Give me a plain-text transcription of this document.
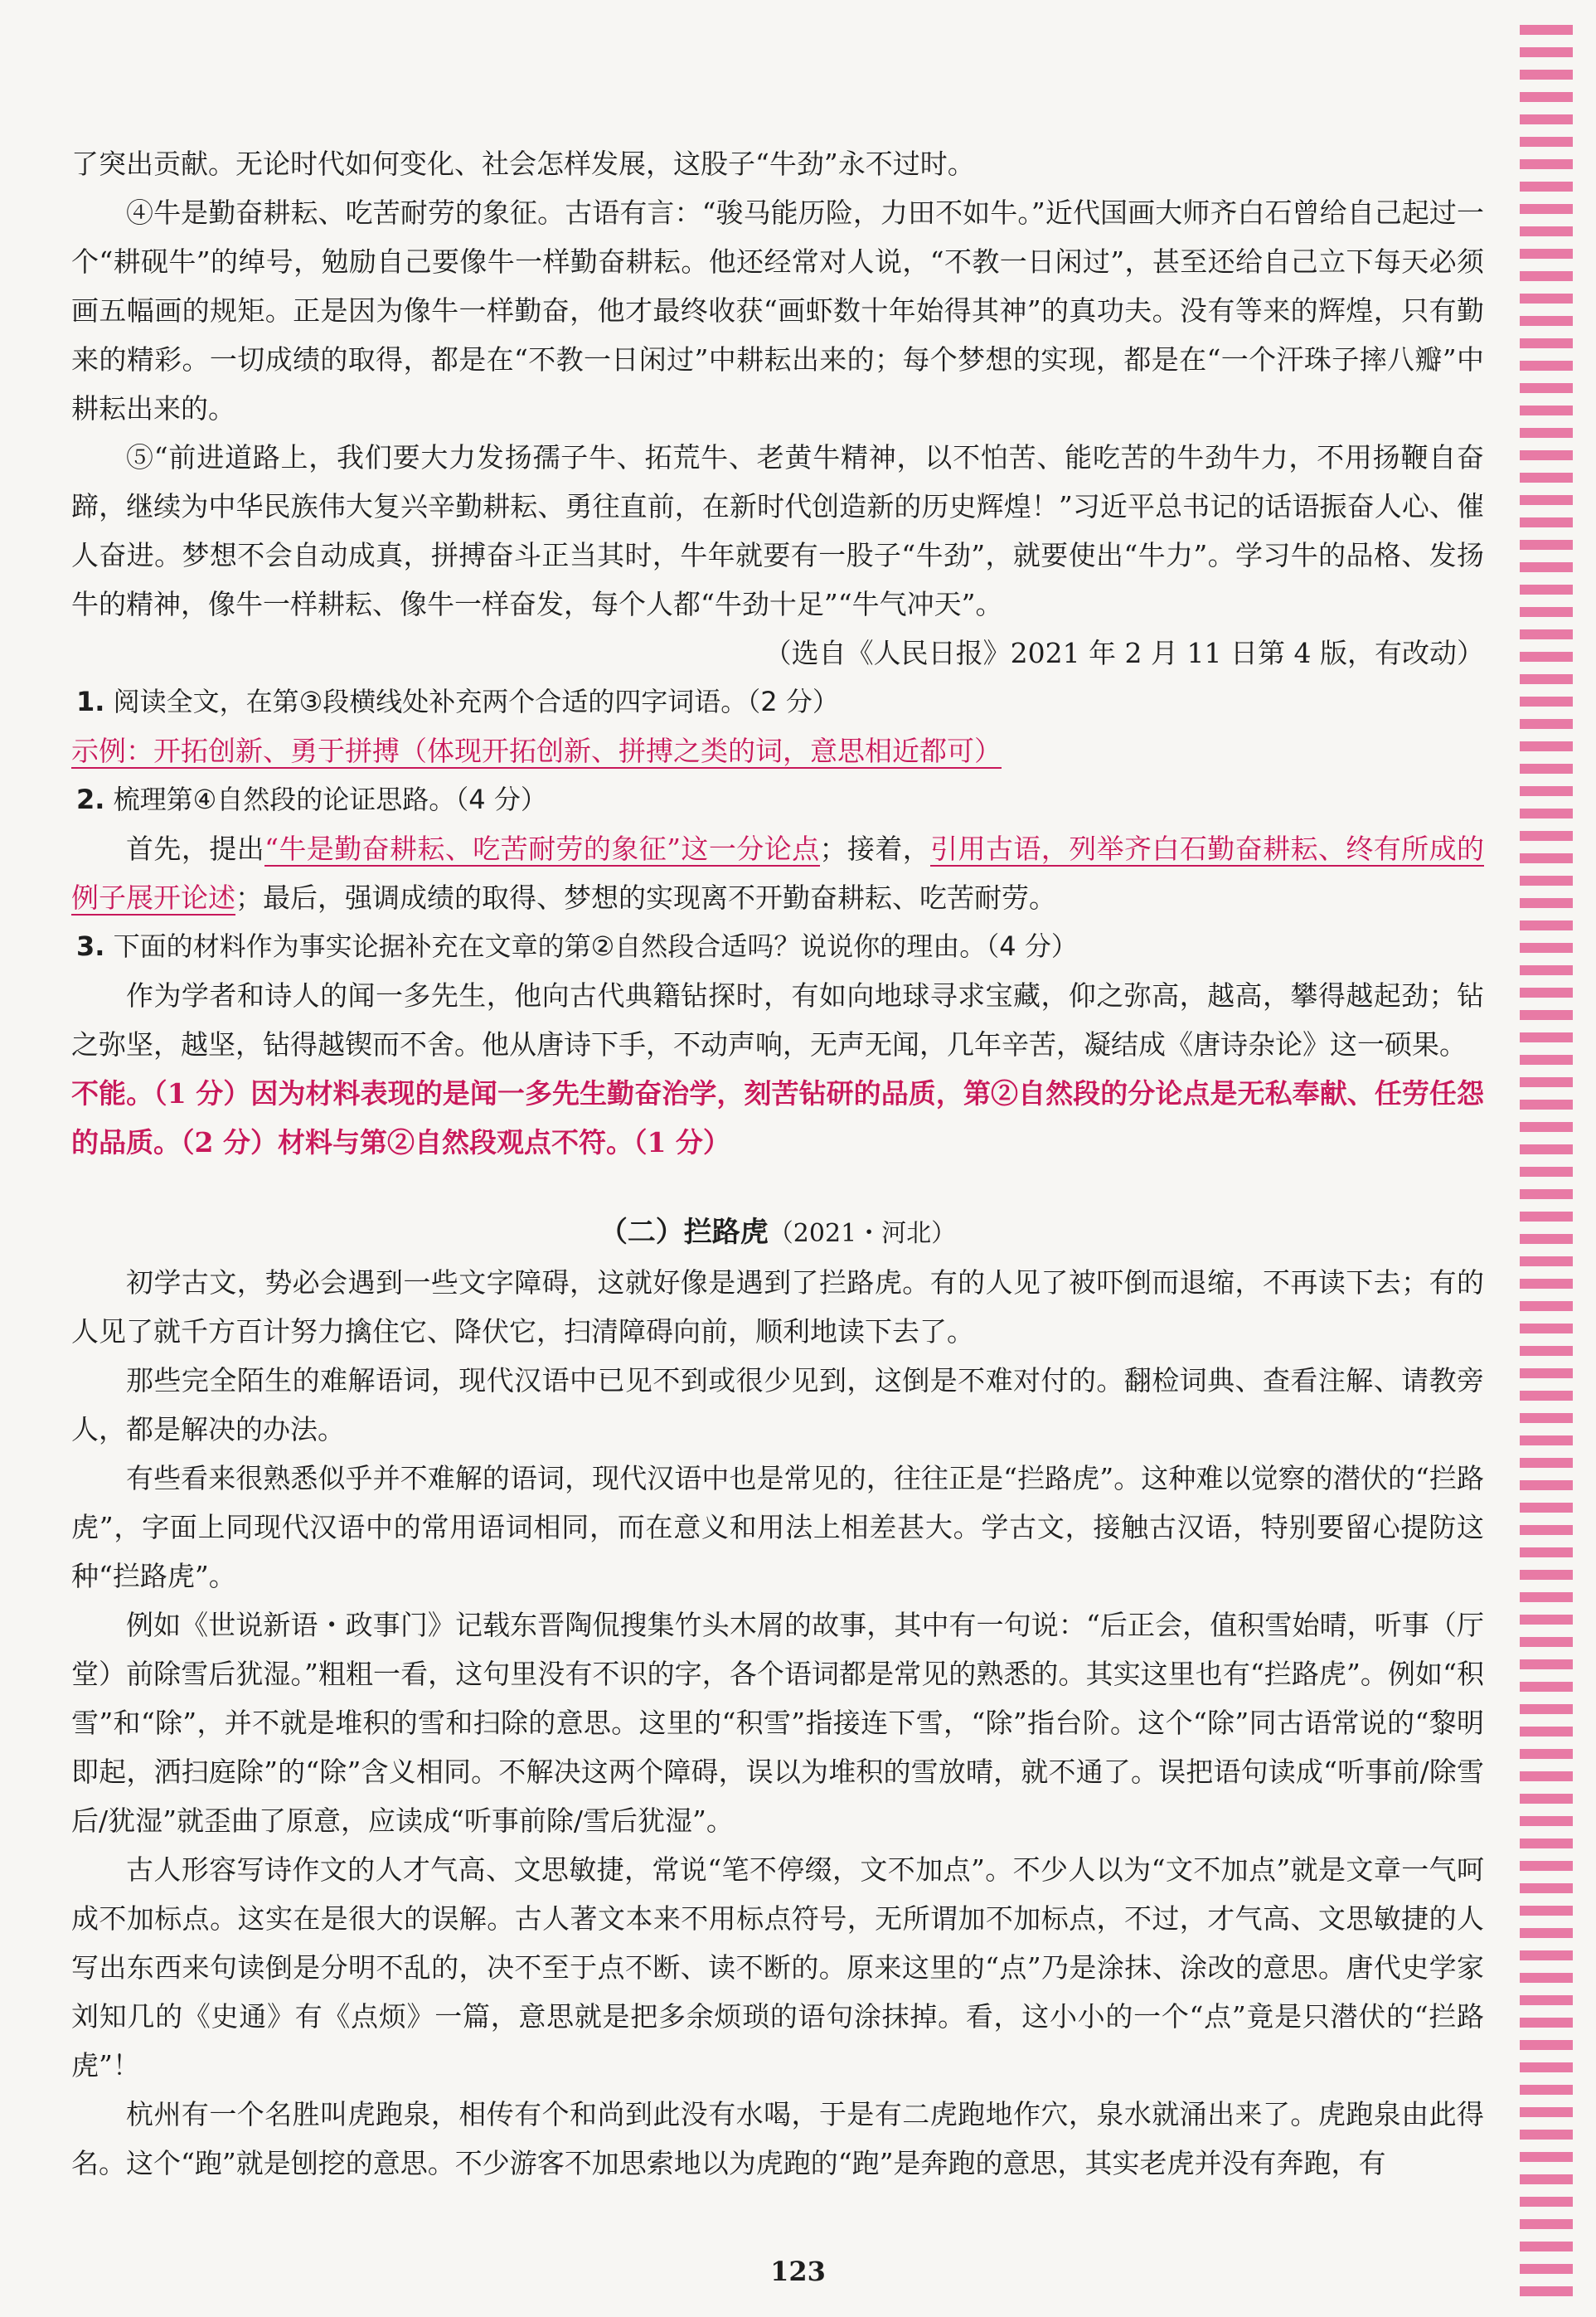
了突出贡献。无论时代如何变化、社会怎样发展，这股子“牛劲”永不过时。

④牛是勤奋耕耘、吃苦耐劳的象征。古语有言：“骏马能历险，力田不如牛。”近代国画大师齐白石曾给自己起过一个“耕砚牛”的绰号，勉励自己要像牛一样勤奋耕耘。他还经常对人说，“不教一日闲过”，甚至还给自己立下每天必须画五幅画的规矩。正是因为像牛一样勤奋，他才最终收获“画虾数十年始得其神”的真功夫。没有等来的辉煌，只有勤来的精彩。一切成绩的取得，都是在“不教一日闲过”中耕耘出来的；每个梦想的实现，都是在“一个汗珠子摔八瓣”中耕耘出来的。

⑤“前进道路上，我们要大力发扬孺子牛、拓荒牛、老黄牛精神，以不怕苦、能吃苦的牛劲牛力，不用扬鞭自奋蹄，继续为中华民族伟大复兴辛勤耕耘、勇往直前，在新时代创造新的历史辉煌！”习近平总书记的话语振奋人心、催人奋进。梦想不会自动成真，拼搏奋斗正当其时，牛年就要有一股子“牛劲”，就要使出“牛力”。学习牛的品格、发扬牛的精神，像牛一样耕耘、像牛一样奋发，每个人都“牛劲十足”“牛气冲天”。

（选自《人民日报》2021 年 2 月 11 日第 4 版，有改动）

1. 阅读全文，在第③段横线处补充两个合适的四字词语。（2 分）

示例：开拓创新、勇于拼搏（体现开拓创新、拼搏之类的词，意思相近都可）

2. 梳理第④自然段的论证思路。（4 分）

首先，提出“牛是勤奋耕耘、吃苦耐劳的象征”这一分论点；接着，引用古语，列举齐白石勤奋耕耘、终有所成的例子展开论述；最后，强调成绩的取得、梦想的实现离不开勤奋耕耘、吃苦耐劳。

3. 下面的材料作为事实论据补充在文章的第②自然段合适吗？说说你的理由。（4 分）

作为学者和诗人的闻一多先生，他向古代典籍钻探时，有如向地球寻求宝藏，仰之弥高，越高，攀得越起劲；钻之弥坚，越坚，钻得越锲而不舍。他从唐诗下手，不动声响，无声无闻，几年辛苦，凝结成《唐诗杂论》这一硕果。

不能。（1 分）因为材料表现的是闻一多先生勤奋治学，刻苦钻研的品质，第②自然段的分论点是无私奉献、任劳任怨的品质。（2 分）材料与第②自然段观点不符。（1 分）

（二）拦路虎（2021・河北）

初学古文，势必会遇到一些文字障碍，这就好像是遇到了拦路虎。有的人见了被吓倒而退缩，不再读下去；有的人见了就千方百计努力擒住它、降伏它，扫清障碍向前，顺利地读下去了。

那些完全陌生的难解语词，现代汉语中已见不到或很少见到，这倒是不难对付的。翻检词典、查看注解、请教旁人，都是解决的办法。

有些看来很熟悉似乎并不难解的语词，现代汉语中也是常见的，往往正是“拦路虎”。这种难以觉察的潜伏的“拦路虎”，字面上同现代汉语中的常用语词相同，而在意义和用法上相差甚大。学古文，接触古汉语，特别要留心提防这种“拦路虎”。

例如《世说新语・政事门》记载东晋陶侃搜集竹头木屑的故事，其中有一句说：“后正会，值积雪始晴，听事（厅堂）前除雪后犹湿。”粗粗一看，这句里没有不识的字，各个语词都是常见的熟悉的。其实这里也有“拦路虎”。例如“积雪”和“除”，并不就是堆积的雪和扫除的意思。这里的“积雪”指接连下雪，“除”指台阶。这个“除”同古语常说的“黎明即起，洒扫庭除”的“除”含义相同。不解决这两个障碍，误以为堆积的雪放晴，就不通了。误把语句读成“听事前/除雪后/犹湿”就歪曲了原意，应读成“听事前除/雪后犹湿”。

古人形容写诗作文的人才气高、文思敏捷，常说“笔不停缀，文不加点”。不少人以为“文不加点”就是文章一气呵成不加标点。这实在是很大的误解。古人著文本来不用标点符号，无所谓加不加标点，不过，才气高、文思敏捷的人写出东西来句读倒是分明不乱的，决不至于点不断、读不断的。原来这里的“点”乃是涂抹、涂改的意思。唐代史学家刘知几的《史通》有《点烦》一篇，意思就是把多余烦琐的语句涂抹掉。看，这小小的一个“点”竟是只潜伏的“拦路虎”！

杭州有一个名胜叫虎跑泉，相传有个和尚到此没有水喝，于是有二虎跑地作穴，泉水就涌出来了。虎跑泉由此得名。这个“跑”就是刨挖的意思。不少游客不加思索地以为虎跑的“跑”是奔跑的意思，其实老虎并没有奔跑，有

123
